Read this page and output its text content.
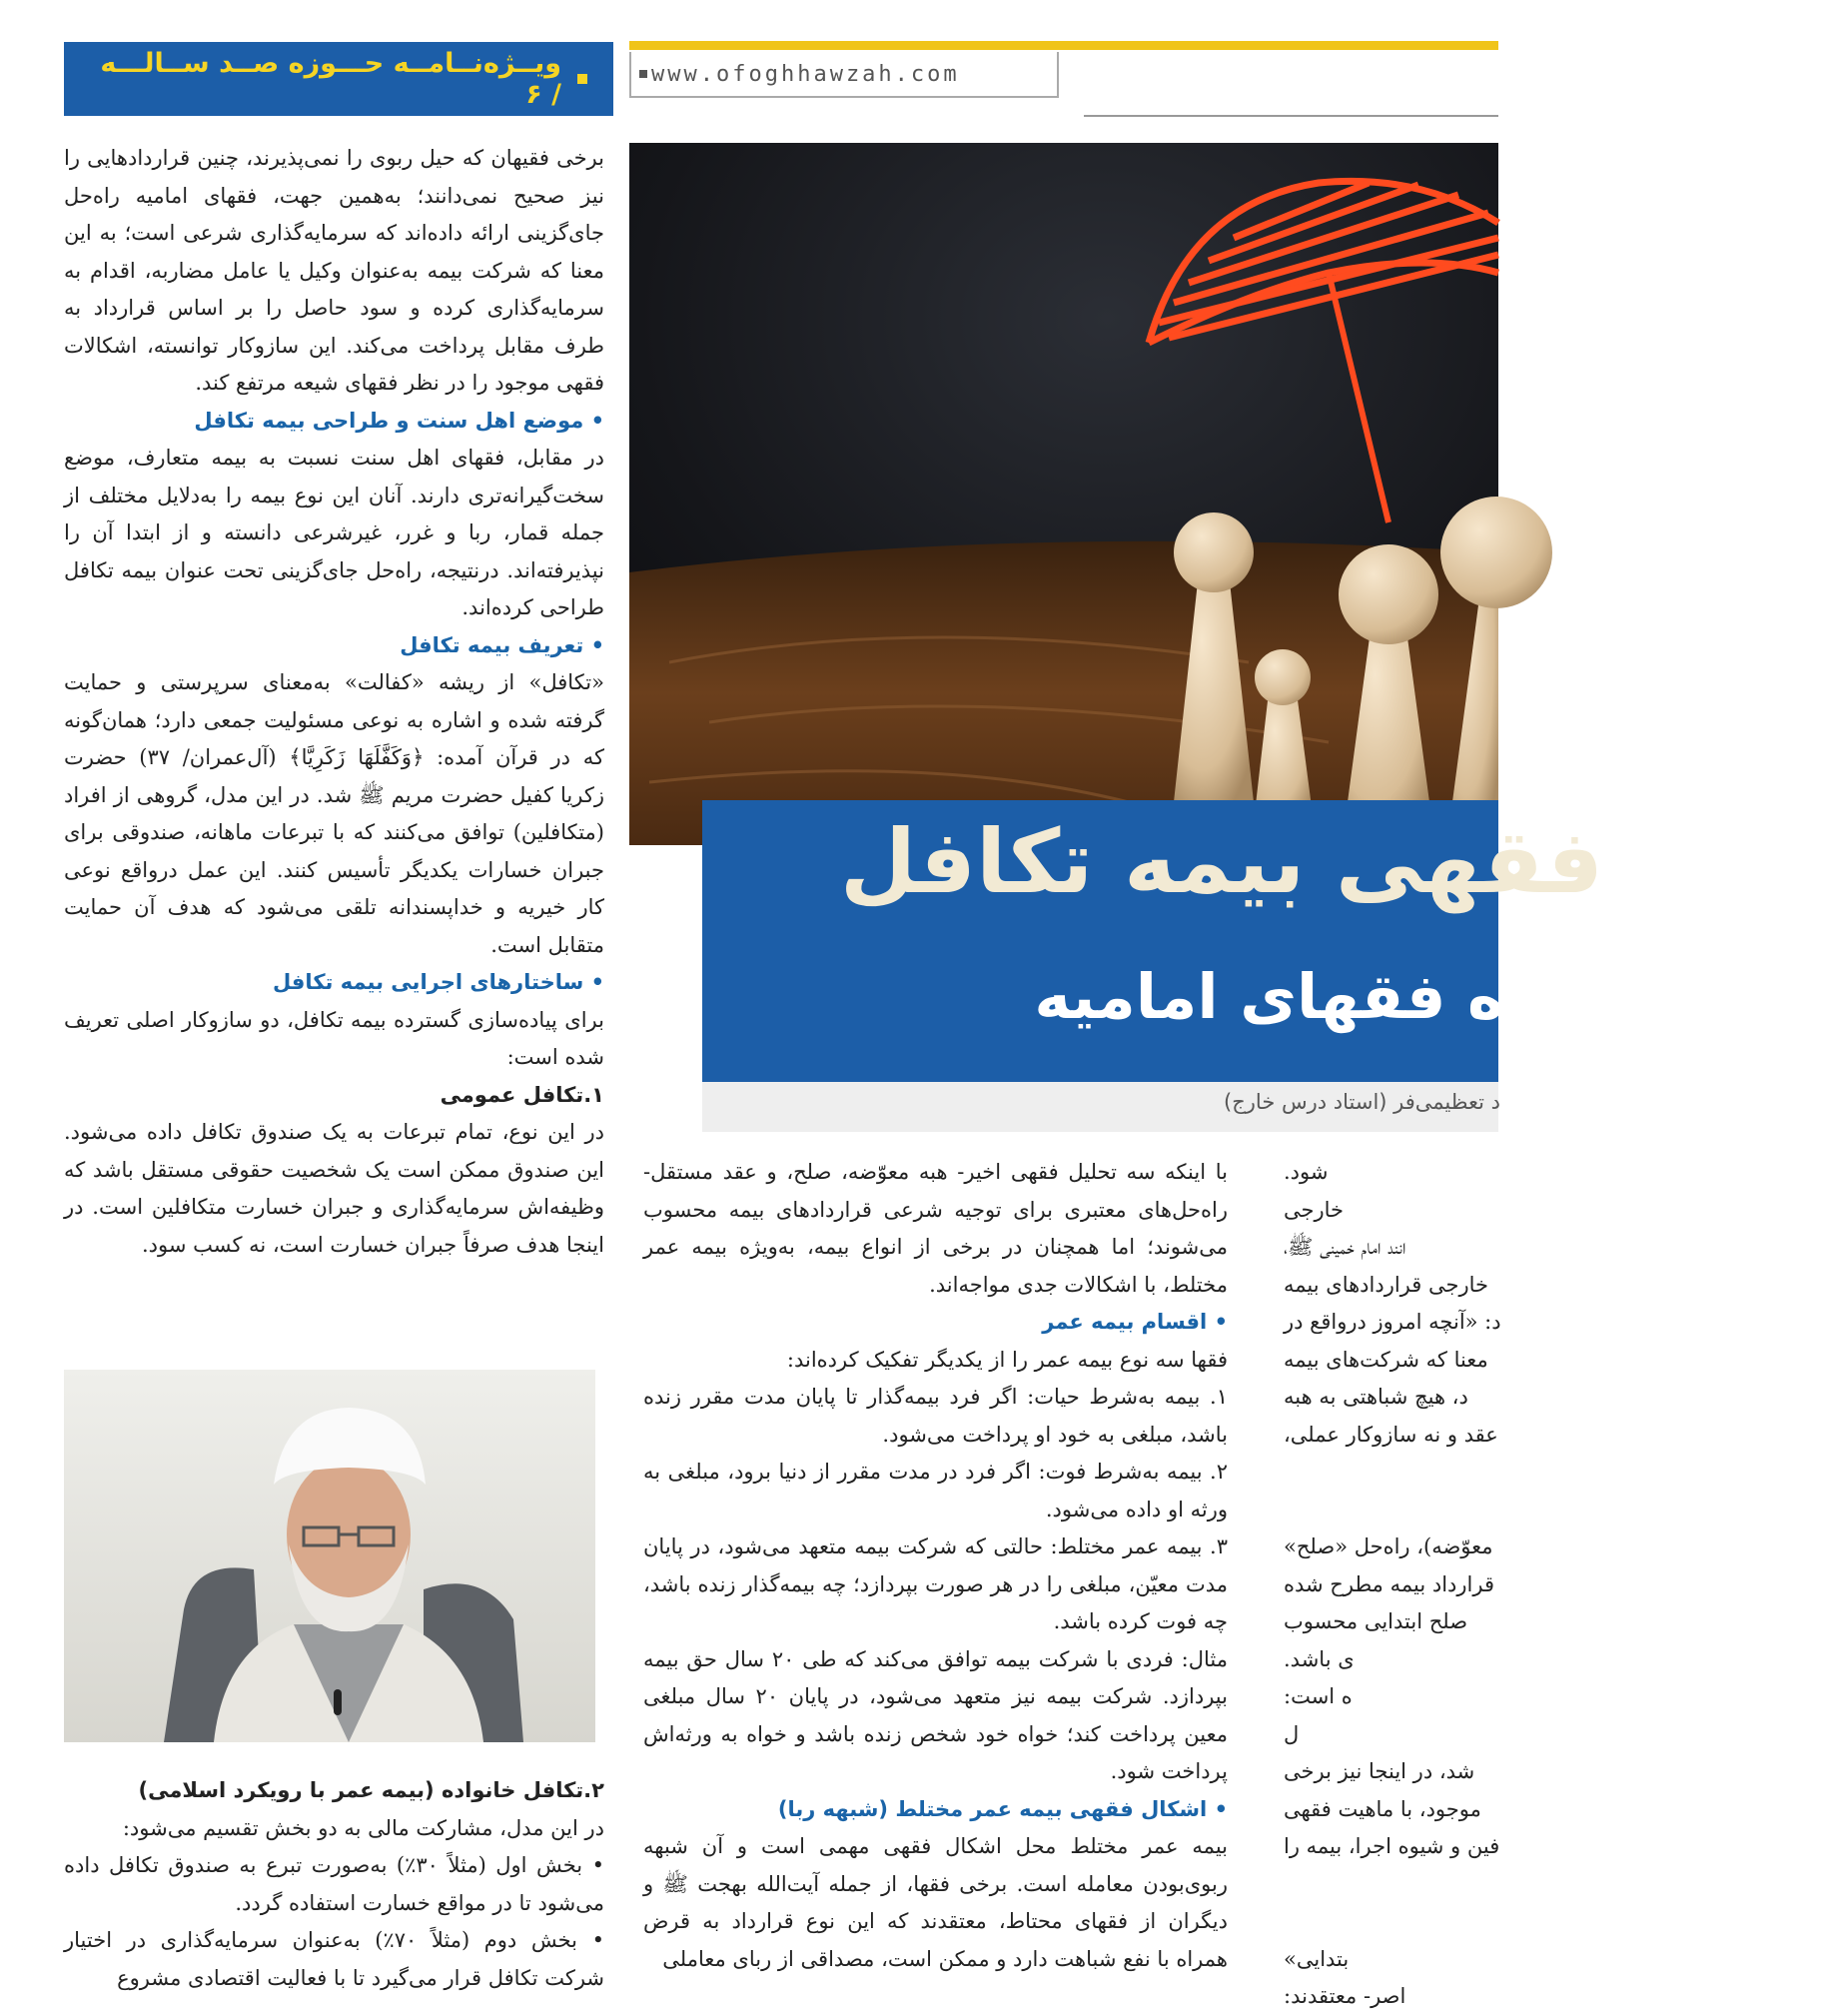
www.ofoghhawzah.com
ویــژه‌نــامــه حـــوزه صــد ســالـــه / ۶
فقهی بیمه تکافل
گاه فقهای امامیه
د تعظیمی‌فر (استاد درس خارج)

برخی فقیهان که حیل ربوی را نمی‌پذیرند، چنین قراردادهایی را نیز صحیح نمی‌دانند؛ به‌همین جهت، فقهای امامیه راه‌حل جای‌گزینی ارائه داده‌اند که سرمایه‌گذاری شرعی است؛ به این معنا که شرکت بیمه به‌عنوان وکیل یا عامل مضاربه، اقدام به سرمایه‌گذاری کرده و سود حاصل را بر اساس قرارداد به طرف مقابل پرداخت می‌کند. این سازوکار توانسته، اشکالات فقهی موجود را در نظر فقهای شیعه مرتفع کند.

• موضع اهل سنت و طراحی بیمه تکافل

در مقابل، فقهای اهل سنت نسبت به بیمه متعارف، موضع سخت‌گیرانه‌تری دارند. آنان این نوع بیمه را به‌دلایل مختلف از جمله قمار، ربا و غرر، غیرشرعی دانسته و از ابتدا آن را نپذیرفته‌اند. درنتیجه، راه‌حل جای‌گزینی تحت عنوان بیمه تکافل طراحی کرده‌اند.

• تعریف بیمه تکافل

«تکافل» از ریشه «کفالت» به‌معنای سرپرستی و حمایت گرفته شده و اشاره به نوعی مسئولیت جمعی دارد؛ همان‌گونه که در قرآن آمده: ﴿وَكَفَّلَهَا زَكَرِيَّا﴾ (آل‌عمران/ ۳۷) حضرت زکریا کفیل حضرت مریم ﷺ شد. در این مدل، گروهی از افراد (متکافلین) توافق می‌کنند که با تبرعات ماهانه، صندوقی برای جبران خسارات یکدیگر تأسیس کنند. این عمل درواقع نوعی کار خیریه و خداپسندانه تلقی می‌شود که هدف آن حمایت متقابل است.

• ساختارهای اجرایی بیمه تکافل

برای پیاده‌سازی گسترده بیمه تکافل، دو سازوکار اصلی تعریف شده است:

۱.تکافل عمومی

در این نوع، تمام تبرعات به یک صندوق تکافل داده می‌شود. این صندوق ممکن است یک شخصیت حقوقی مستقل باشد که وظیفه‌اش سرمایه‌گذاری و جبران خسارت متکافلین است. در اینجا هدف صرفاً جبران خسارت است، نه کسب سود.

۲.تکافل خانواده (بیمه عمر با رویکرد اسلامی)

در این مدل، مشارکت مالی به دو بخش تقسیم می‌شود:

• بخش اول (مثلاً ۳۰٪) به‌صورت تبرع به صندوق تکافل داده می‌شود تا در مواقع خسارت استفاده گردد.

• بخش دوم (مثلاً ۷۰٪) به‌عنوان سرمایه‌گذاری در اختیار شرکت تکافل قرار می‌گیرد تا با فعالیت اقتصادی مشروع

با اینکه سه تحلیل فقهی اخیر- هبه معوّضه، صلح، و عقد مستقل- راه‌حل‌های معتبری برای توجیه شرعی قراردادهای بیمه محسوب می‌شوند؛ اما همچنان در برخی از انواع بیمه، به‌ویژه بیمه عمر مختلط، با اشکالات جدی مواجه‌اند.

• اقسام بیمه عمر

فقها سه نوع بیمه عمر را از یکدیگر تفکیک کرده‌اند:

۱. بیمه به‌شرط حیات: اگر فرد بیمه‌گذار تا پایان مدت مقرر زنده باشد، مبلغی به خود او پرداخت می‌شود.

۲. بیمه به‌شرط فوت: اگر فرد در مدت مقرر از دنیا برود، مبلغی به ورثه او داده می‌شود.

۳. بیمه عمر مختلط: حالتی که شرکت بیمه متعهد می‌شود، در پایان مدت معیّن، مبلغی را در هر صورت بپردازد؛ چه بیمه‌گذار زنده باشد، چه فوت کرده باشد.

مثال: فردی با شرکت بیمه توافق می‌کند که طی ۲۰ سال حق بیمه بپردازد. شرکت بیمه نیز متعهد می‌شود، در پایان ۲۰ سال مبلغی معین پرداخت کند؛ خواه خود شخص زنده باشد و خواه به ورثه‌اش پرداخت شود.

• اشکال فقهی بیمه عمر مختلط (شبهه ربا)

بیمه عمر مختلط محل اشکال فقهی مهمی است و آن شبهه ربوی‌بودن معامله است. برخی فقها، از جمله آیت‌الله بهجت ﷺ و دیگران از فقهای محتاط، معتقدند که این نوع قرارداد به قرض همراه با نفع شباهت دارد و ممکن است، مصداقی از ربای معاملی

شود.

خارجی

انند امام خمینی ﷺ،

خارجی قراردادهای بیمه

د: «آنچه امروز درواقع در

معنا که شرکت‌های بیمه

د، هیچ شباهتی به هبه

عقد و نه سازوکار عملی،

معوّضه)، راه‌حل «صلح»

قرارداد بیمه مطرح شده

صلح ابتدایی محسوب

ی باشد.

ه است:

ل

شد، در اینجا نیز برخی

موجود، با ماهیت فقهی

فین و شیوه اجرا، بیمه را

بتدایی»

اصر- معتقدند:
